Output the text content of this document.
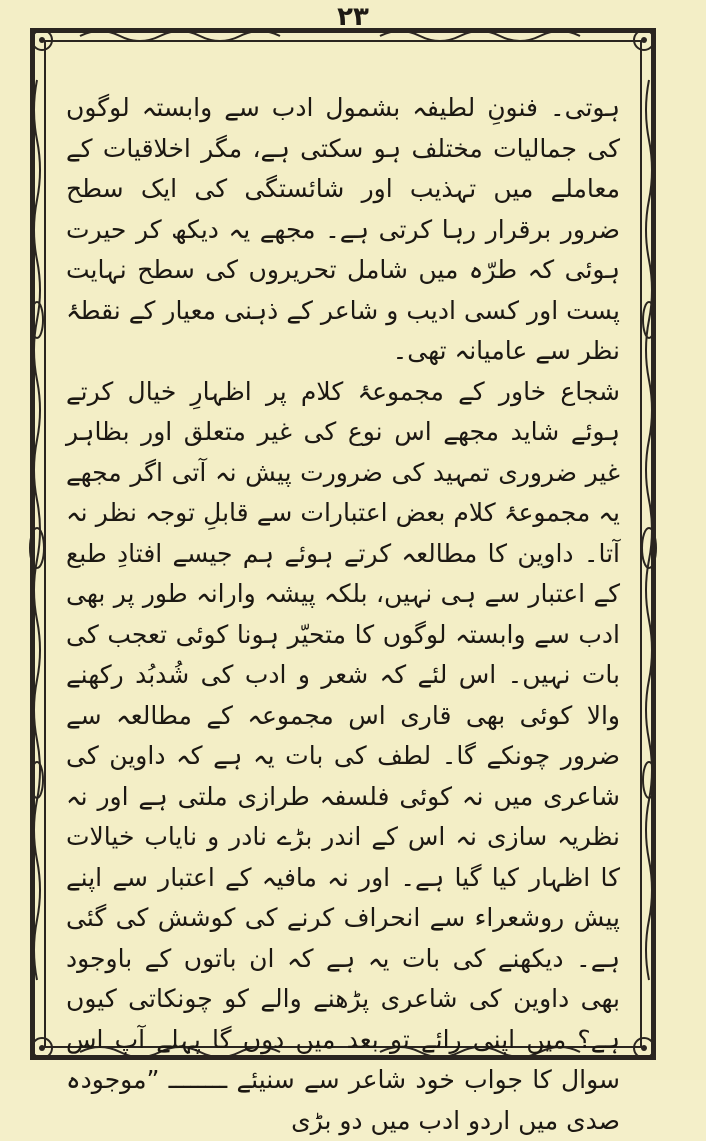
۲۳

ہوتی۔ فنونِ لطیفہ بشمول ادب سے وابستہ لوگوں کی جمالیات مختلف ہو سکتی ہے، مگر اخلاقیات کے معاملے میں تہذیب اور شائستگی کی ایک سطح ضرور برقرار رہا کرتی ہے۔ مجھے یہ دیکھ کر حیرت ہوئی کہ طرّہ میں شامل تحریروں کی سطح نہایت پست اور کسی ادیب و شاعر کے ذہنی معیار کے نقطۂ نظر سے عامیانہ تھی۔

شجاع خاور کے مجموعۂ کلام پر اظہارِ خیال کرتے ہوئے شاید مجھے اس نوع کی غیر متعلق اور بظاہر غیر ضروری تمہید کی ضرورت پیش نہ آتی اگر مجھے یہ مجموعۂ کلام بعض اعتبارات سے قابلِ توجہ نظر نہ آتا۔ داوین کا مطالعہ کرتے ہوئے ہم جیسے افتادِ طبع کے اعتبار سے ہی نہیں، بلکہ پیشہ وارانہ طور پر بھی ادب سے وابستہ لوگوں کا متحیّر ہونا کوئی تعجب کی بات نہیں۔ اس لئے کہ شعر و ادب کی شُدبُد رکھنے والا کوئی بھی قاری اس مجموعہ کے مطالعہ سے ضرور چونکے گا۔ لطف کی بات یہ ہے کہ داوین کی شاعری میں نہ کوئی فلسفہ طرازی ملتی ہے اور نہ نظریہ سازی نہ اس کے اندر بڑے نادر و نایاب خیالات کا اظہار کیا گیا ہے۔ اور نہ مافیہ کے اعتبار سے اپنے پیش روشعراء سے انحراف کرنے کی کوشش کی گئی ہے۔ دیکھنے کی بات یہ ہے کہ ان باتوں کے باوجود بھی داوین کی شاعری پڑھنے والے کو چونکاتی کیوں ہے؟ میں اپنی رائے تو بعد میں دوں گا پہلے آپ اس سوال کا جواب خود شاعر سے سنیئے ــــــــ ”موجودہ صدی میں اردو ادب میں دو بڑی
